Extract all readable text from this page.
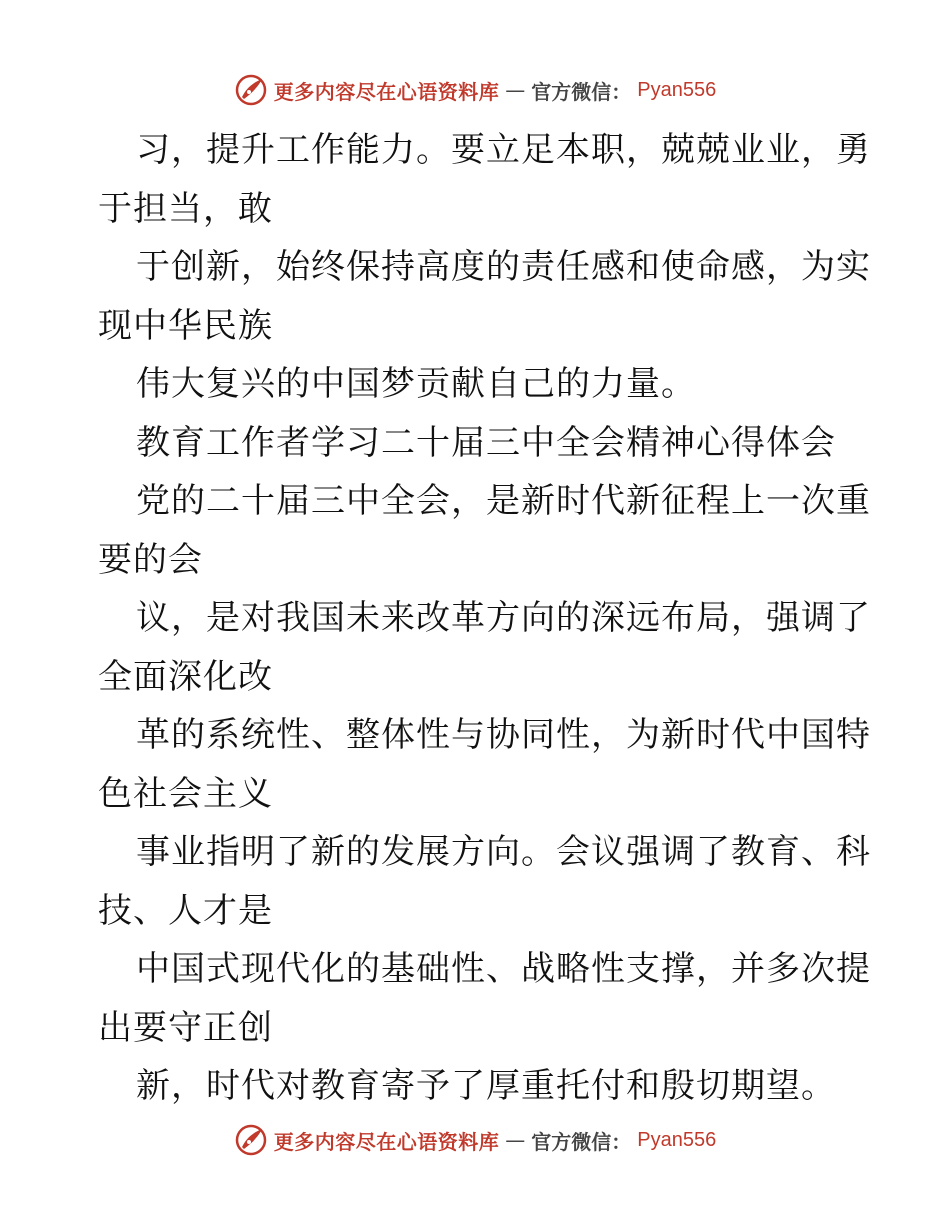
更多内容尽在心语资料库 — 官方微信： Pyan556
习，提升工作能力。要立足本职，兢兢业业，勇
于担当，敢
于创新，始终保持高度的责任感和使命感，为实
现中华民族
伟大复兴的中国梦贡献自己的力量。
教育工作者学习二十届三中全会精神心得体会
党的二十届三中全会，是新时代新征程上一次重
要的会
议，是对我国未来改革方向的深远布局，强调了
全面深化改
革的系统性、整体性与协同性，为新时代中国特
色社会主义
事业指明了新的发展方向。会议强调了教育、科
技、人才是
中国式现代化的基础性、战略性支撑，并多次提
出要守正创
新，时代对教育寄予了厚重托付和殷切期望。
更多内容尽在心语资料库 — 官方微信： Pyan556
